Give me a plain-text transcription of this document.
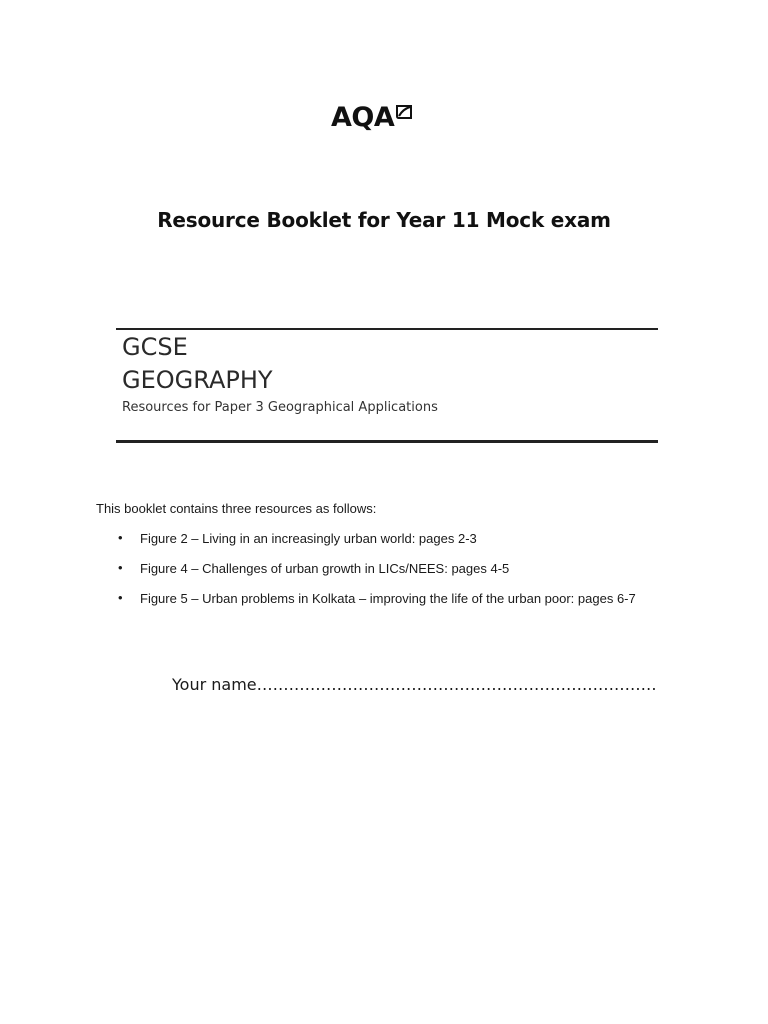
AQA
Resource Booklet for Year 11 Mock exam
GCSE
GEOGRAPHY
Resources for Paper 3 Geographical Applications
This booklet contains three resources as follows:
• Figure 2 – Living in an increasingly urban world: pages 2-3
• Figure 4 – Challenges of urban growth in LICs/NEES: pages 4-5
• Figure 5 – Urban problems in Kolkata – improving the life of the urban poor: pages 6-7
Your name…………………………………………………………………
